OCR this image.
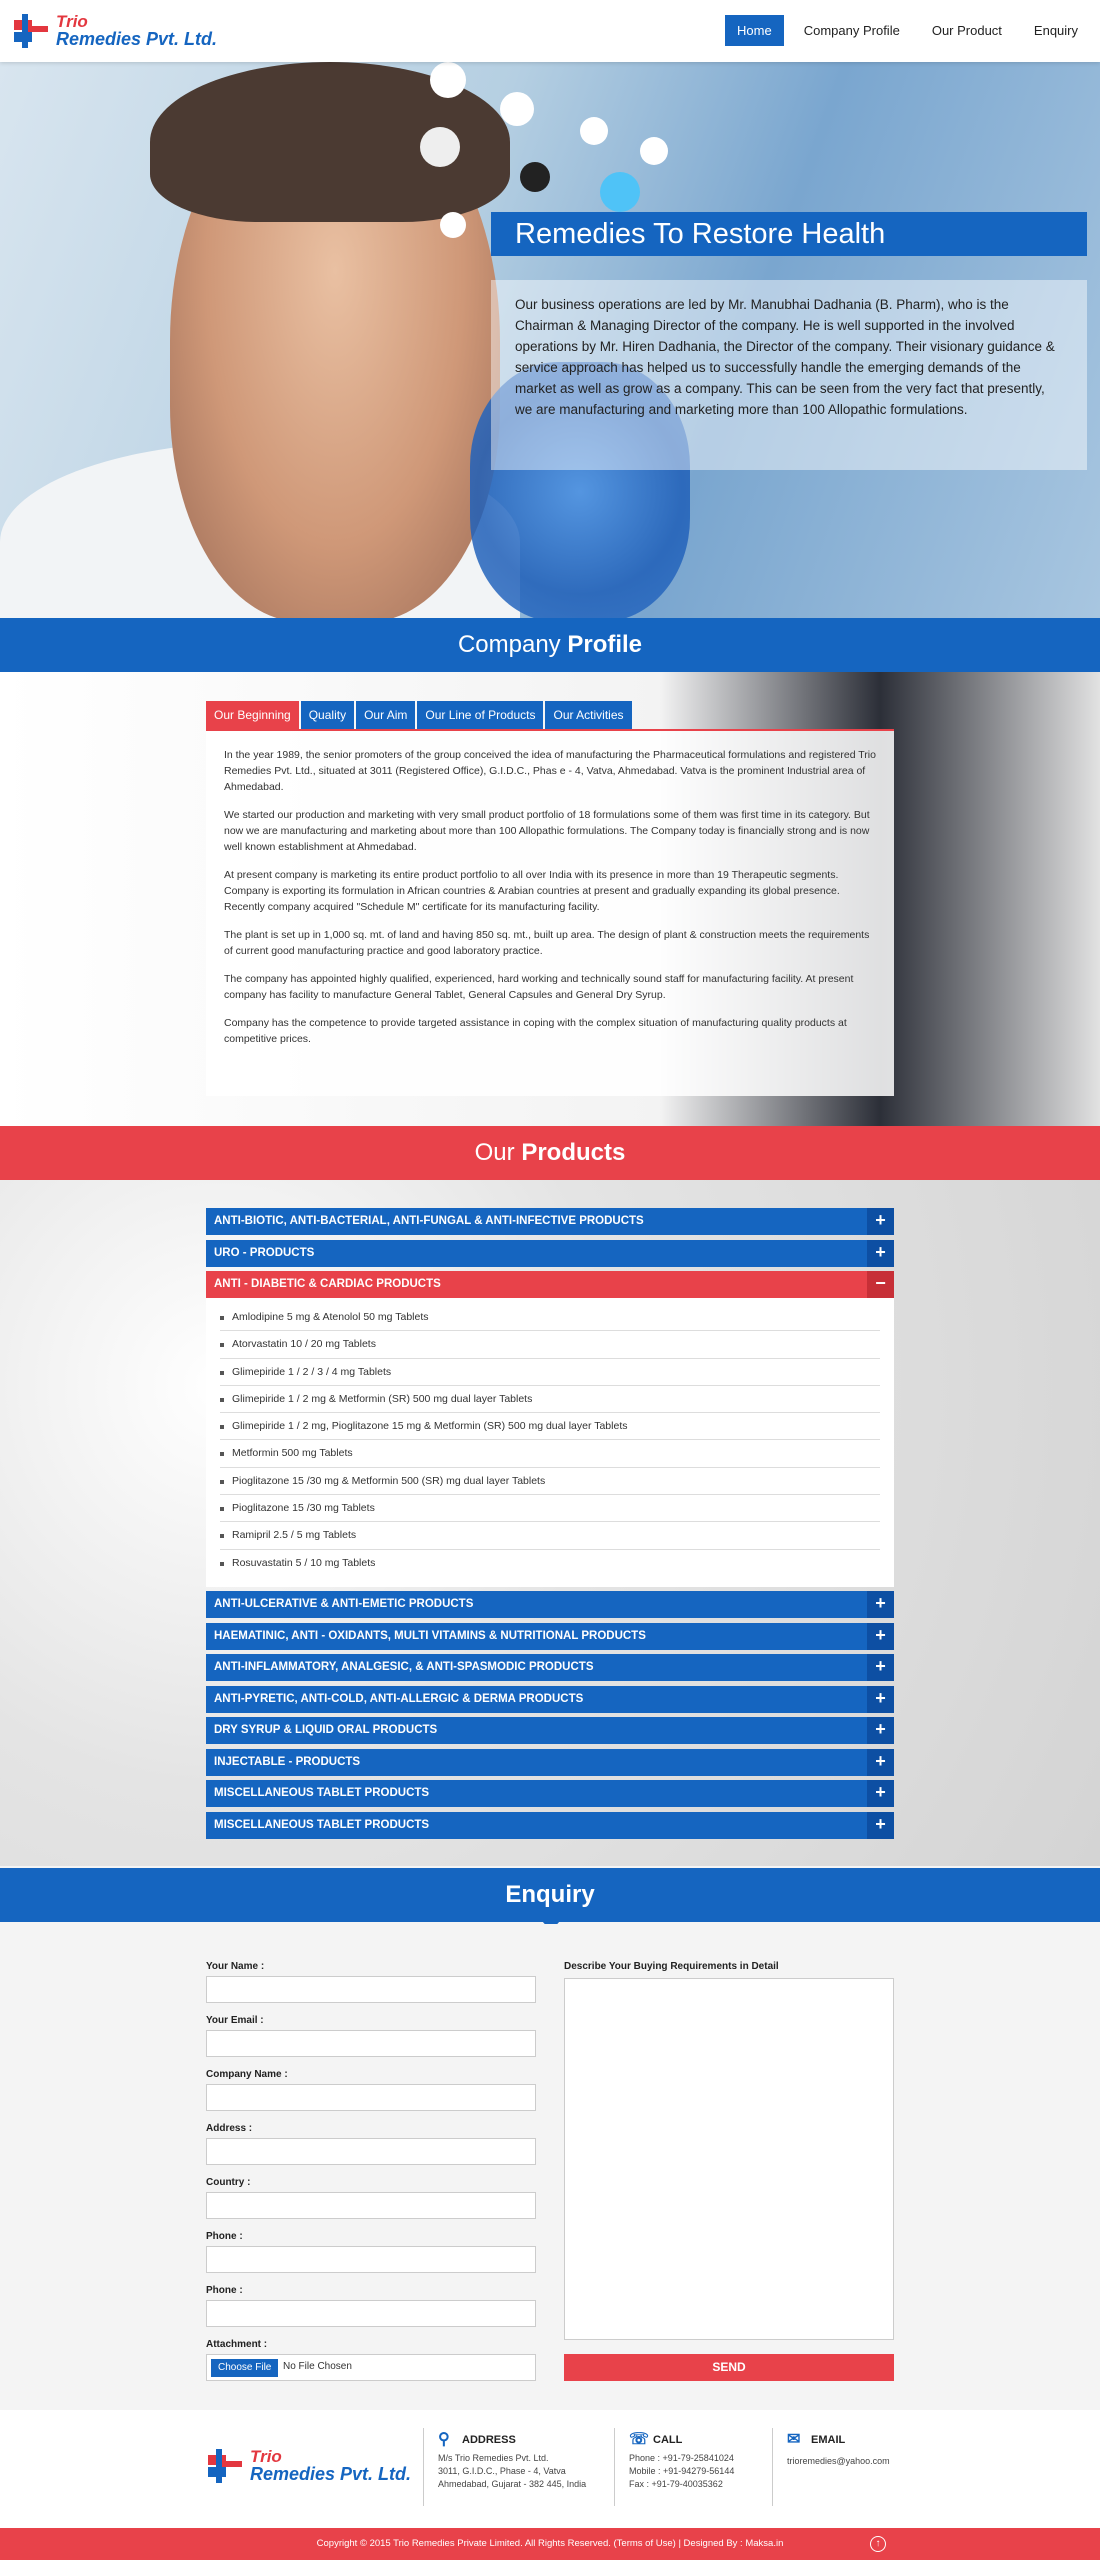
Trio
Remedies Pvt. Ltd.	Home	Company Profile	Our Product	Enquiry
Remedies To Restore Health
Our business operations are led by Mr. Manubhai Dadhania (B. Pharm), who is the Chairman & Managing Director of the company. He is well supported in the involved operations by Mr. Hiren Dadhania, the Director of the company. Their visionary guidance & service approach has helped us to successfully handle the emerging demands of the market as well as grow as a company. This can be seen from the very fact that presently, we are manufacturing and marketing more than 100 Allopathic formulations.
Company Profile
Our Beginning	Quality	Our Aim	Our Line of Products	Our Activities

In the year 1989, the senior promoters of the group conceived the idea of manufacturing the Pharmaceutical formulations and registered Trio Remedies Pvt. Ltd., situated at 3011 (Registered Office), G.I.D.C., Phas e - 4, Vatva, Ahmedabad. Vatva is the prominent Industrial area of Ahmedabad.

We started our production and marketing with very small product portfolio of 18 formulations some of them was first time in its category. But now we are manufacturing and marketing about more than 100 Allopathic formulations. The Company today is financially strong and is now well known establishment at Ahmedabad.

At present company is marketing its entire product portfolio to all over India with its presence in more than 19 Therapeutic segments. Company is exporting its formulation in African countries & Arabian countries at present and gradually expanding its global presence. Recently company acquired "Schedule M" certificate for its manufacturing facility.

The plant is set up in 1,000 sq. mt. of land and having 850 sq. mt., built up area. The design of plant & construction meets the requirements of current good manufacturing practice and good laboratory practice.

The company has appointed highly qualified, experienced, hard working and technically sound staff for manufacturing facility. At present company has facility to manufacture General Tablet, General Capsules and General Dry Syrup.

Company has the competence to provide targeted assistance in coping with the complex situation of manufacturing quality products at competitive prices.

Our Products
ANTI-BIOTIC, ANTI-BACTERIAL, ANTI-FUNGAL & ANTI-INFECTIVE PRODUCTS	+
URO - PRODUCTS	+
ANTI - DIABETIC & CARDIAC PRODUCTS	−
Amlodipine 5 mg & Atenolol 50 mg Tablets
Atorvastatin 10 / 20 mg Tablets
Glimepiride 1 / 2 / 3 / 4 mg Tablets
Glimepiride 1 / 2 mg & Metformin (SR) 500 mg dual layer Tablets
Glimepiride 1 / 2 mg, Pioglitazone 15 mg & Metformin (SR) 500 mg dual layer Tablets
Metformin 500 mg Tablets
Pioglitazone 15 /30 mg & Metformin 500 (SR) mg dual layer Tablets
Pioglitazone 15 /30 mg Tablets
Ramipril 2.5 / 5 mg Tablets
Rosuvastatin 5 / 10 mg Tablets
ANTI-ULCERATIVE & ANTI-EMETIC PRODUCTS	+
HAEMATINIC, ANTI - OXIDANTS, MULTI VITAMINS & NUTRITIONAL PRODUCTS	+
ANTI-INFLAMMATORY, ANALGESIC, & ANTI-SPASMODIC PRODUCTS	+
ANTI-PYRETIC, ANTI-COLD, ANTI-ALLERGIC & DERMA PRODUCTS	+
DRY SYRUP & LIQUID ORAL PRODUCTS	+
INJECTABLE - PRODUCTS	+
MISCELLANEOUS TABLET PRODUCTS	+
MISCELLANEOUS TABLET PRODUCTS	+
Enquiry
Your Name :
Your Email :
Company Name :
Address :
Country :
Phone :
Phone :
Attachment :
Choose File	No File Chosen
Describe Your Buying Requirements in Detail
SEND
Trio
Remedies Pvt. Ltd.
⚲	ADDRESS
M/s Trio Remedies Pvt. Ltd.
3011, G.I.D.C., Phase - 4, Vatva
Ahmedabad, Gujarat - 382 445, India
☏ CALL
Phone : +91-79-25841024
Mobile : +91-94279-56144
Fax : +91-79-40035362
✉ EMAIL
trioremedies@yahoo.com
Copyright © 2015 Trio Remedies Private Limited. All Rights Reserved. (Terms of Use) | Designed By : Maksa.in	↑
